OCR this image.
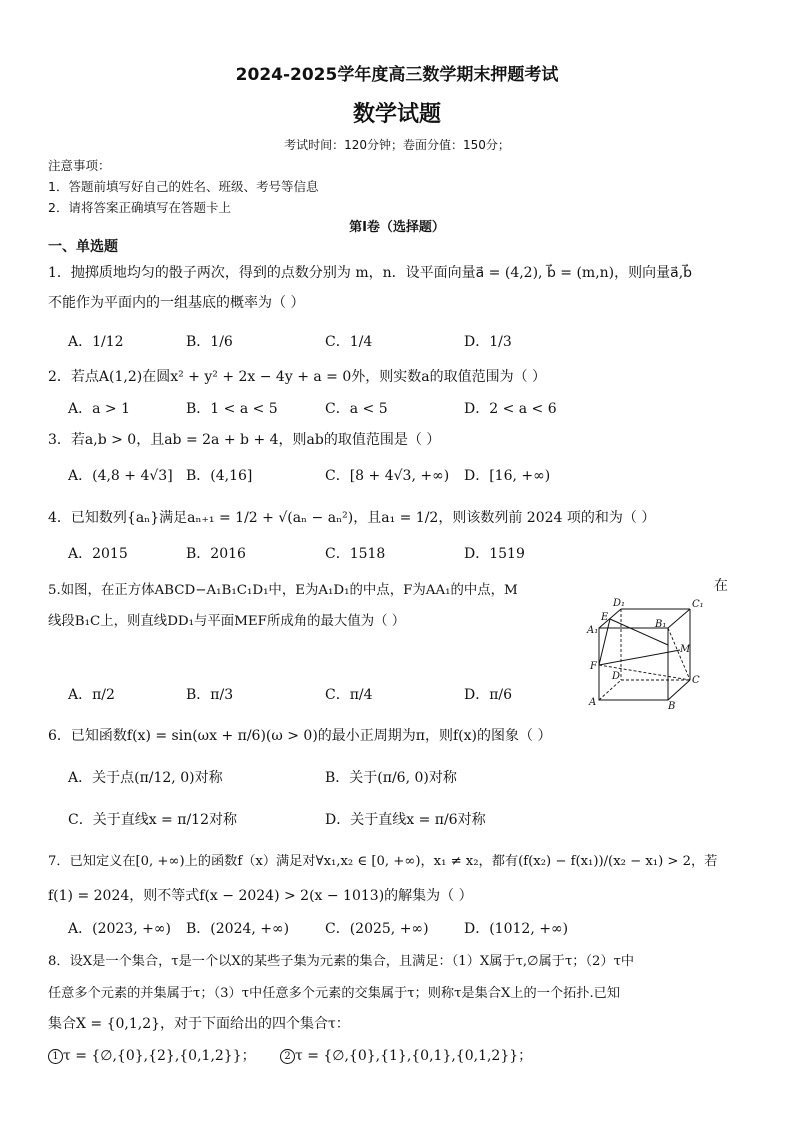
2024-2025学年度高三数学期末押题考试
数学试题
考试时间：120分钟；卷面分值：150分；
注意事项：
1．答题前填写好自己的姓名、班级、考号等信息
2．请将答案正确填写在答题卡上
第I卷（选择题）
一、单选题
1．抛掷质地均匀的骰子两次，得到的点数分别为 m，n．设平面向量a⃗ = (4,2), b⃗ = (m,n)，则向量a⃗,b⃗
不能作为平面内的一组基底的概率为（ ）
A．1/12	B．1/6	C．1/4	D．1/3
2．若点A(1,2)在圆x² + y² + 2x − 4y + a = 0外，则实数a的取值范围为（ ）
A．a > 1	B．1 < a < 5	C．a < 5	D．2 < a < 6
3．若a,b > 0，且ab = 2a + b + 4，则ab的取值范围是（ ）
A．(4,8 + 4√3] B．(4,16]	C．[8 + 4√3, +∞) D．[16, +∞)
4．已知数列{aₙ}满足aₙ₊₁ = 1/2 + √(aₙ − aₙ²)，且a₁ = 1/2，则该数列前 2024 项的和为（ ）
A．2015	B．2016	C．1518	D．1519
5.如图，在正方体ABCD−A₁B₁C₁D₁中，E为A₁D₁的中点，F为AA₁的中点，M	在
线段B₁C上，则直线DD₁与平面MEF所成角的最大值为（ ）
A．π/2	B．π/3	C．π/4	D．π/6
D₁	C₁
A₁
E
B₁
M
F
D	C
A	B
6．已知函数f(x) = sin(ωx + π/6)(ω > 0)的最小正周期为π，则f(x)的图象（ ）
A．关于点(π/12, 0)对称	B．关于(π/6, 0)对称
C．关于直线x = π/12对称	D．关于直线x = π/6对称
7．已知定义在[0, +∞)上的函数f（x）满足对∀x₁,x₂ ∈ [0, +∞)，x₁ ≠ x₂，都有(f(x₂) − f(x₁))/(x₂ − x₁) > 2，若
f(1) = 2024，则不等式f(x − 2024) > 2(x − 1013)的解集为（ ）
A．(2023, +∞) B．(2024, +∞)	C．(2025, +∞)	D．(1012, +∞)
8．设X是一个集合，τ是一个以X的某些子集为元素的集合，且满足：（1）X属于τ,∅属于τ；（2）τ中
任意多个元素的并集属于τ；（3）τ中任意多个元素的交集属于τ；则称τ是集合X上的一个拓扑.已知
集合X = {0,1,2}，对于下面给出的四个集合τ：
1 τ = {∅,{0},{2},{0,1,2}}；	2 τ = {∅,{0},{1},{0,1},{0,1,2}}；
